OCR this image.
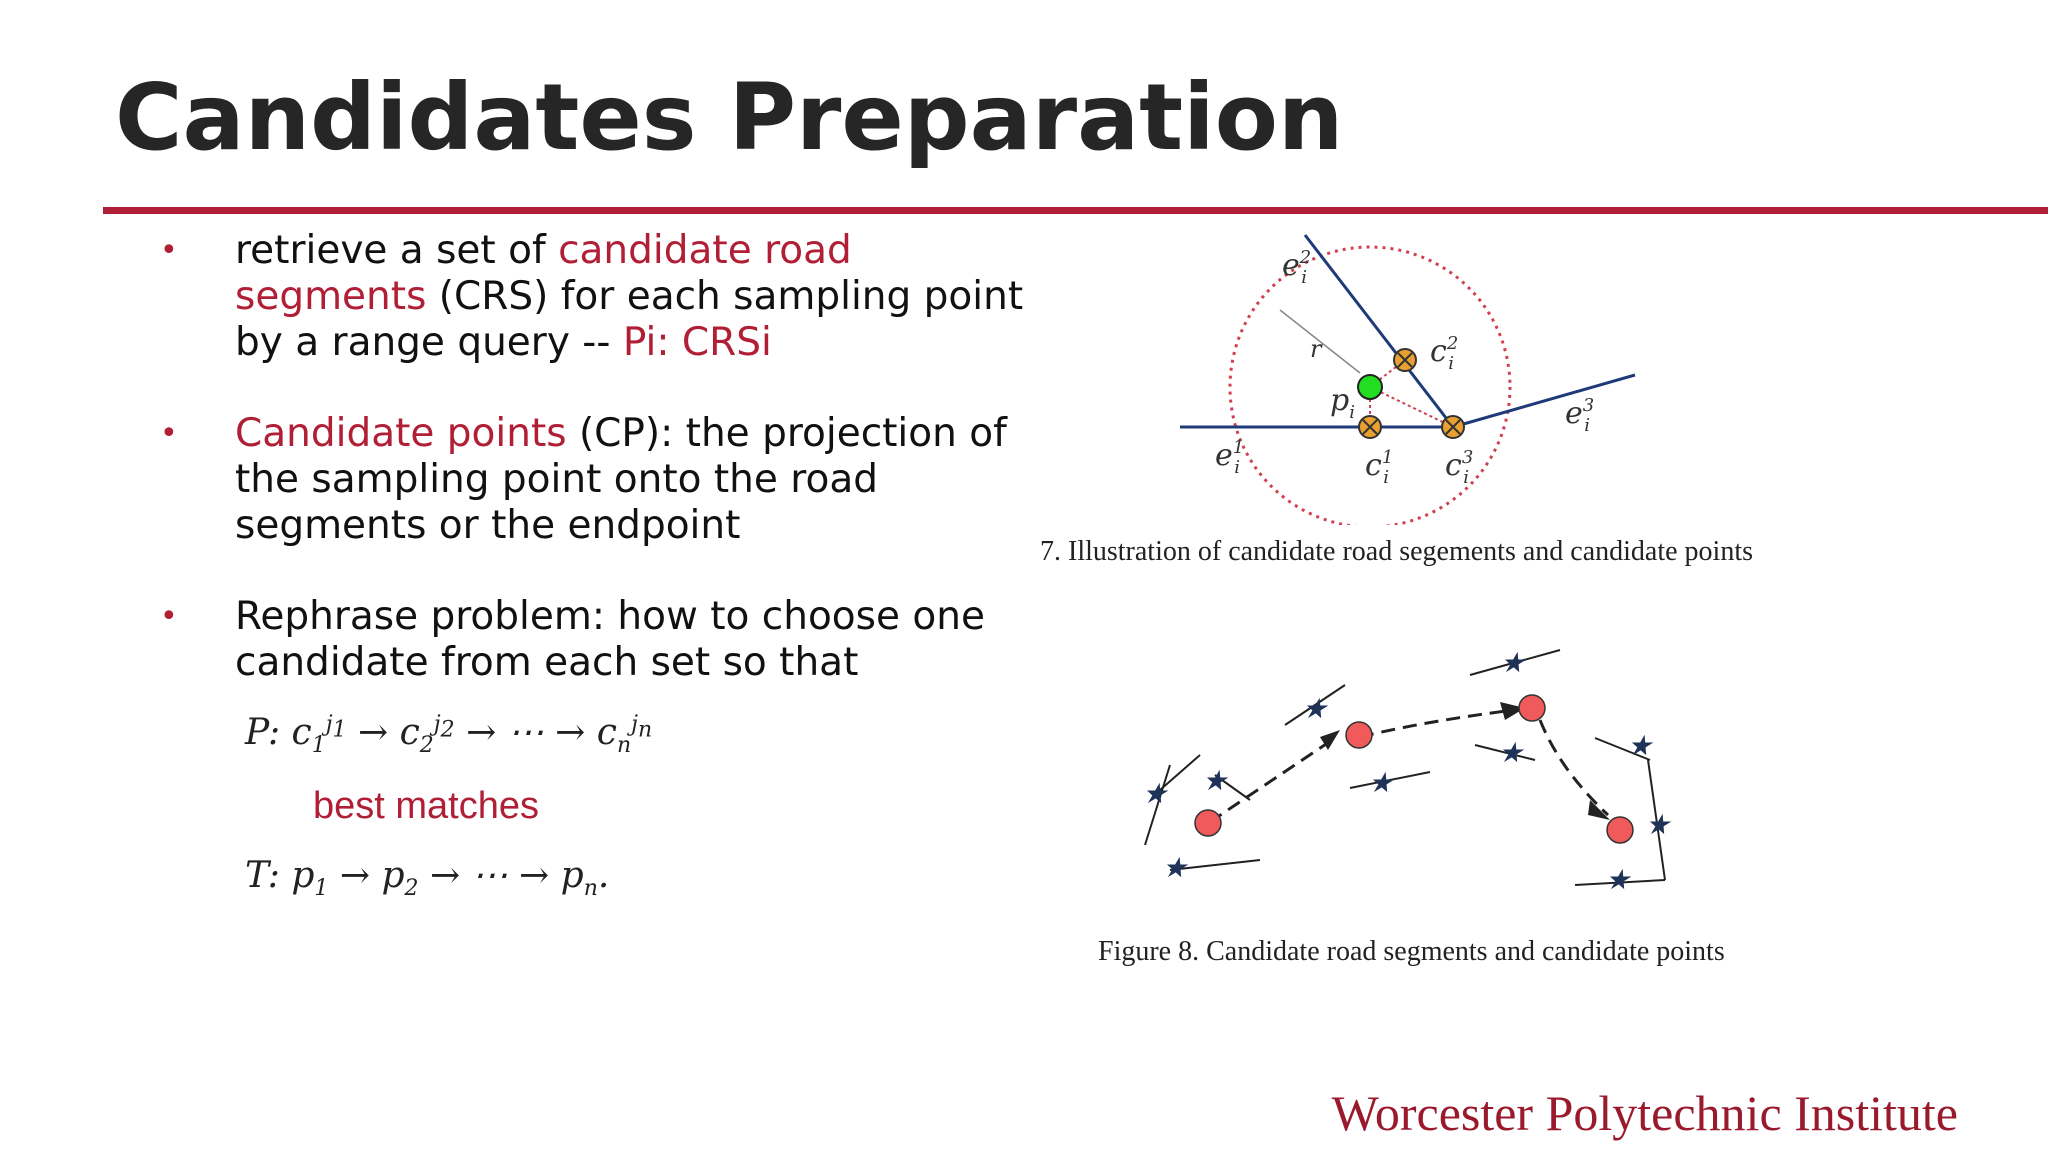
Candidates Preparation
• retrieve a set of candidate road segments (CRS) for each sampling point by a range query -- Pi: CRSi
• Candidate points (CP): the projection of the sampling point onto the road segments or the endpoint
• Rephrase problem: how to choose one candidate from each set so that
P: $c_1^{j_1} \to c_2^{j_2}$ → ⋯ → $c_n^{j_n}$
best matches
T: $p_1 \to p_2$ → ⋯ → $p_n$.
$e^2$ i
$c^2$ i
r
$p_i$
$e^1$ i	$c^1$ i $c^3$ i
$e^3$ i
7. Illustration of candidate road segements and candidate points
★ ★
★
★
★
★
★	★
★
★
Figure 8. Candidate road segments and candidate points
Worcester Polytechnic Institute
